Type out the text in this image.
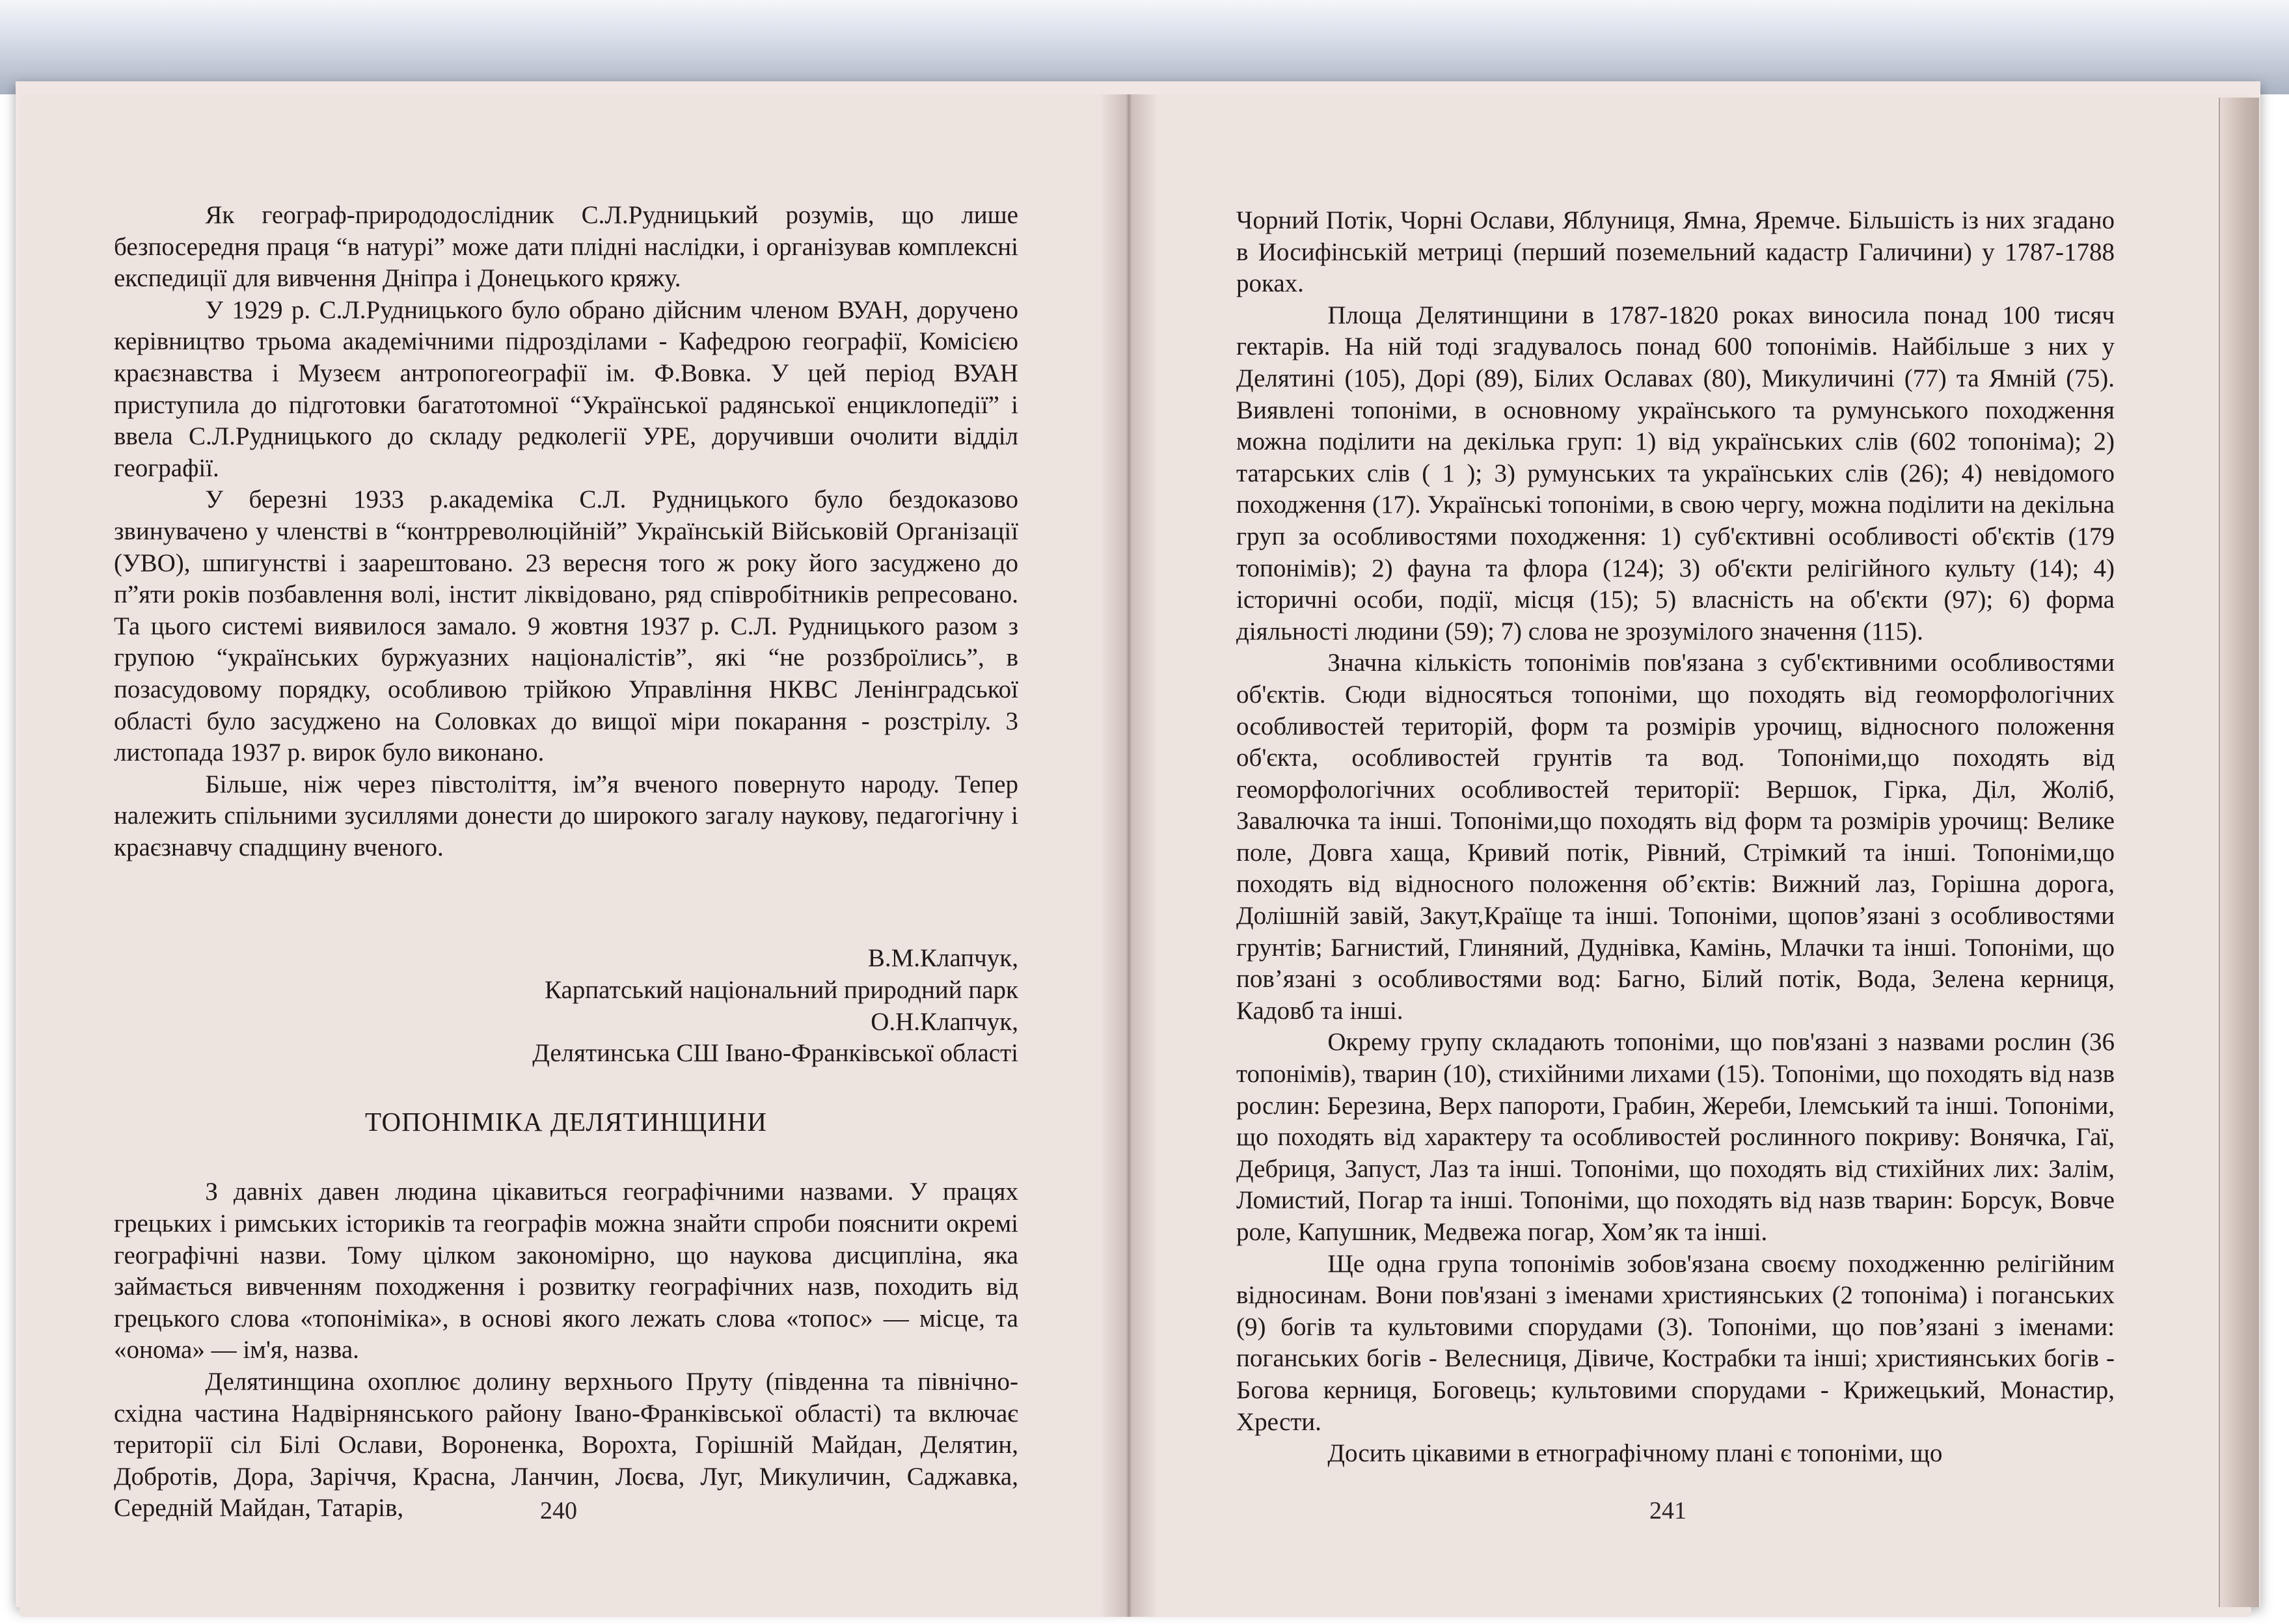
Як географ-природодослідник С.Л.Рудницький розумів, що лише безпосередня праця “в натурі” може дати плідні наслідки, і організував комплексні експедиції для вивчення Дніпра і Донецького кряжу.

У 1929 р. С.Л.Рудницького було обрано дійсним членом ВУАН, доручено керівництво трьома академічними підрозділами - Кафедрою географії, Комісією краєзнавства і Музеєм антропогеографії ім. Ф.Вовка. У цей період ВУАН приступила до підготовки багатотомної “Української радянської енциклопедії” і ввела С.Л.Рудницького до складу редколегії УРЕ, доручивши очолити відділ географії.

У березні 1933 р.академіка С.Л. Рудницького було бездоказово звинувачено у членстві в “контрреволюційній” Українській Військовій Організації (УВО), шпигунстві і заарештовано. 23 вересня того ж року його засуджено до п”яти років позбавлення волі, інстит ліквідовано, ряд співробітників репресовано. Та цього системі виявилося замало. 9 жовтня 1937 р. С.Л. Рудницького разом з групою “українських буржуазних націоналістів”, які “не роззброїлись”, в позасудовому порядку, особливою трійкою Управління НКВС Ленінградської області було засуджено на Соловках до вищої міри покарання - розстрілу. 3 листопада 1937 р. вирок було виконано.

Більше, ніж через півстоліття, ім”я вченого повернуто народу. Тепер належить спільними зусиллями донести до широкого загалу наукову, педагогічну і краєзнавчу спадщину вченого.

В.М.Клапчук,
Карпатський національний природний парк
О.Н.Клапчук,
Делятинська СШ Івано-Франківської області
ТОПОНІМІКА ДЕЛЯТИНЩИНИ

З давніх давен людина цікавиться географічними назвами. У працях грецьких і римських істориків та географів можна знайти спроби пояснити окремі географічні назви. Тому цілком закономірно, що наукова дисципліна, яка займається вивченням походження і розвитку географічних назв, походить від грецького слова «топоніміка», в основі якого лежать слова «топос» — місце, та «онома» — ім'я, назва.

Делятинщина охоплює долину верхнього Пруту (південна та північно-східна частина Надвірнянського району Івано-Франківської області) та включає території сіл Білі Ослави, Вороненка, Ворохта, Горішній Майдан, Делятин, Добротів, Дора, Заріччя, Красна, Ланчин, Лоєва, Луг, Микуличин, Саджавка, Середній Майдан, Татарів,

Чорний Потік, Чорні Ослави, Яблуниця, Ямна, Яремче. Більшість із них згадано в Иосифінській метриці (перший поземельний кадастр Галичини) у 1787-1788 роках.

Площа Делятинщини в 1787-1820 роках виносила понад 100 тисяч гектарів. На ній тоді згадувалось понад 600 топонімів. Найбільше з них у Делятині (105), Дорі (89), Білих Ославах (80), Микуличині (77) та Ямній (75). Виявлені топоніми, в основному українського та румунського походження можна поділити на декілька груп: 1) від українських слів (602 топоніма); 2) татарських слів ( 1 ); 3) румунських та українських слів (26); 4) невідомого походження (17). Українські топоніми, в свою чергу, можна поділити на декільна груп за особливостями походження: 1) суб'єктивні особливості об'єктів (179 топонімів); 2) фауна та флора (124); 3) об'єкти релігійного культу (14); 4) історичні особи, події, місця (15); 5) власність на об'єкти (97); 6) форма діяльності людини (59); 7) слова не зрозумілого значення (115).

Значна кількість топонімів пов'язана з суб'єктивними особливостями об'єктів. Сюди відносяться топоніми, що походять від геоморфологічних особливостей територій, форм та розмірів урочищ, відносного положення об'єкта, особливостей грунтів та вод. Топоніми,що походять від геоморфологічних особливостей території: Вершок, Гірка, Діл, Жоліб, Завалючка та інші. Топоніми,що походять від форм та розмірів урочищ: Велике поле, Довга хаща, Кривий потік, Рівний, Стрімкий та інші. Топоніми,що походять від відносного положення об’єктів: Вижний лаз, Горішна дорога, Долішній завій, Закут,Країще та інші. Топоніми, щопов’язані з особливостями грунтів; Багнистий, Глиняний, Дуднівка, Камінь, Млачки та інші. Топоніми, що пов’язані з особливостями вод: Багно, Білий потік, Вода, Зелена керниця, Кадовб та інші.

Окрему групу складають топоніми, що пов'язані з назвами рослин (36 топонімів), тварин (10), стихійними лихами (15). Топоніми, що походять від назв рослин: Березина, Верх папороти, Грабин, Жереби, Ілемський та інші. Топоніми, що походять від характеру та особливостей рослинного покриву: Вонячка, Гаї, Дебриця, Запуст, Лаз та інші. Топоніми, що походять від стихійних лих: Залім, Ломистий, Погар та інші. Топоніми, що походять від назв тварин: Борсук, Вовче роле, Капушник, Медвежа погар, Хом’як та інші.

Ще одна група топонімів зобов'язана своєму походженню релігійним відносинам. Вони пов'язані з іменами християнських (2 топоніма) і поганських (9) богів та культовими спорудами (3). Топоніми, що пов’язані з іменами: поганських богів - Велесниця, Дівиче, Кострабки та інші; християнських богів - Богова керниця, Боговець; культовими спорудами - Крижецький, Монастир, Хрести.

Досить цікавими в етнографічному плані є топоніми, що

240	241
